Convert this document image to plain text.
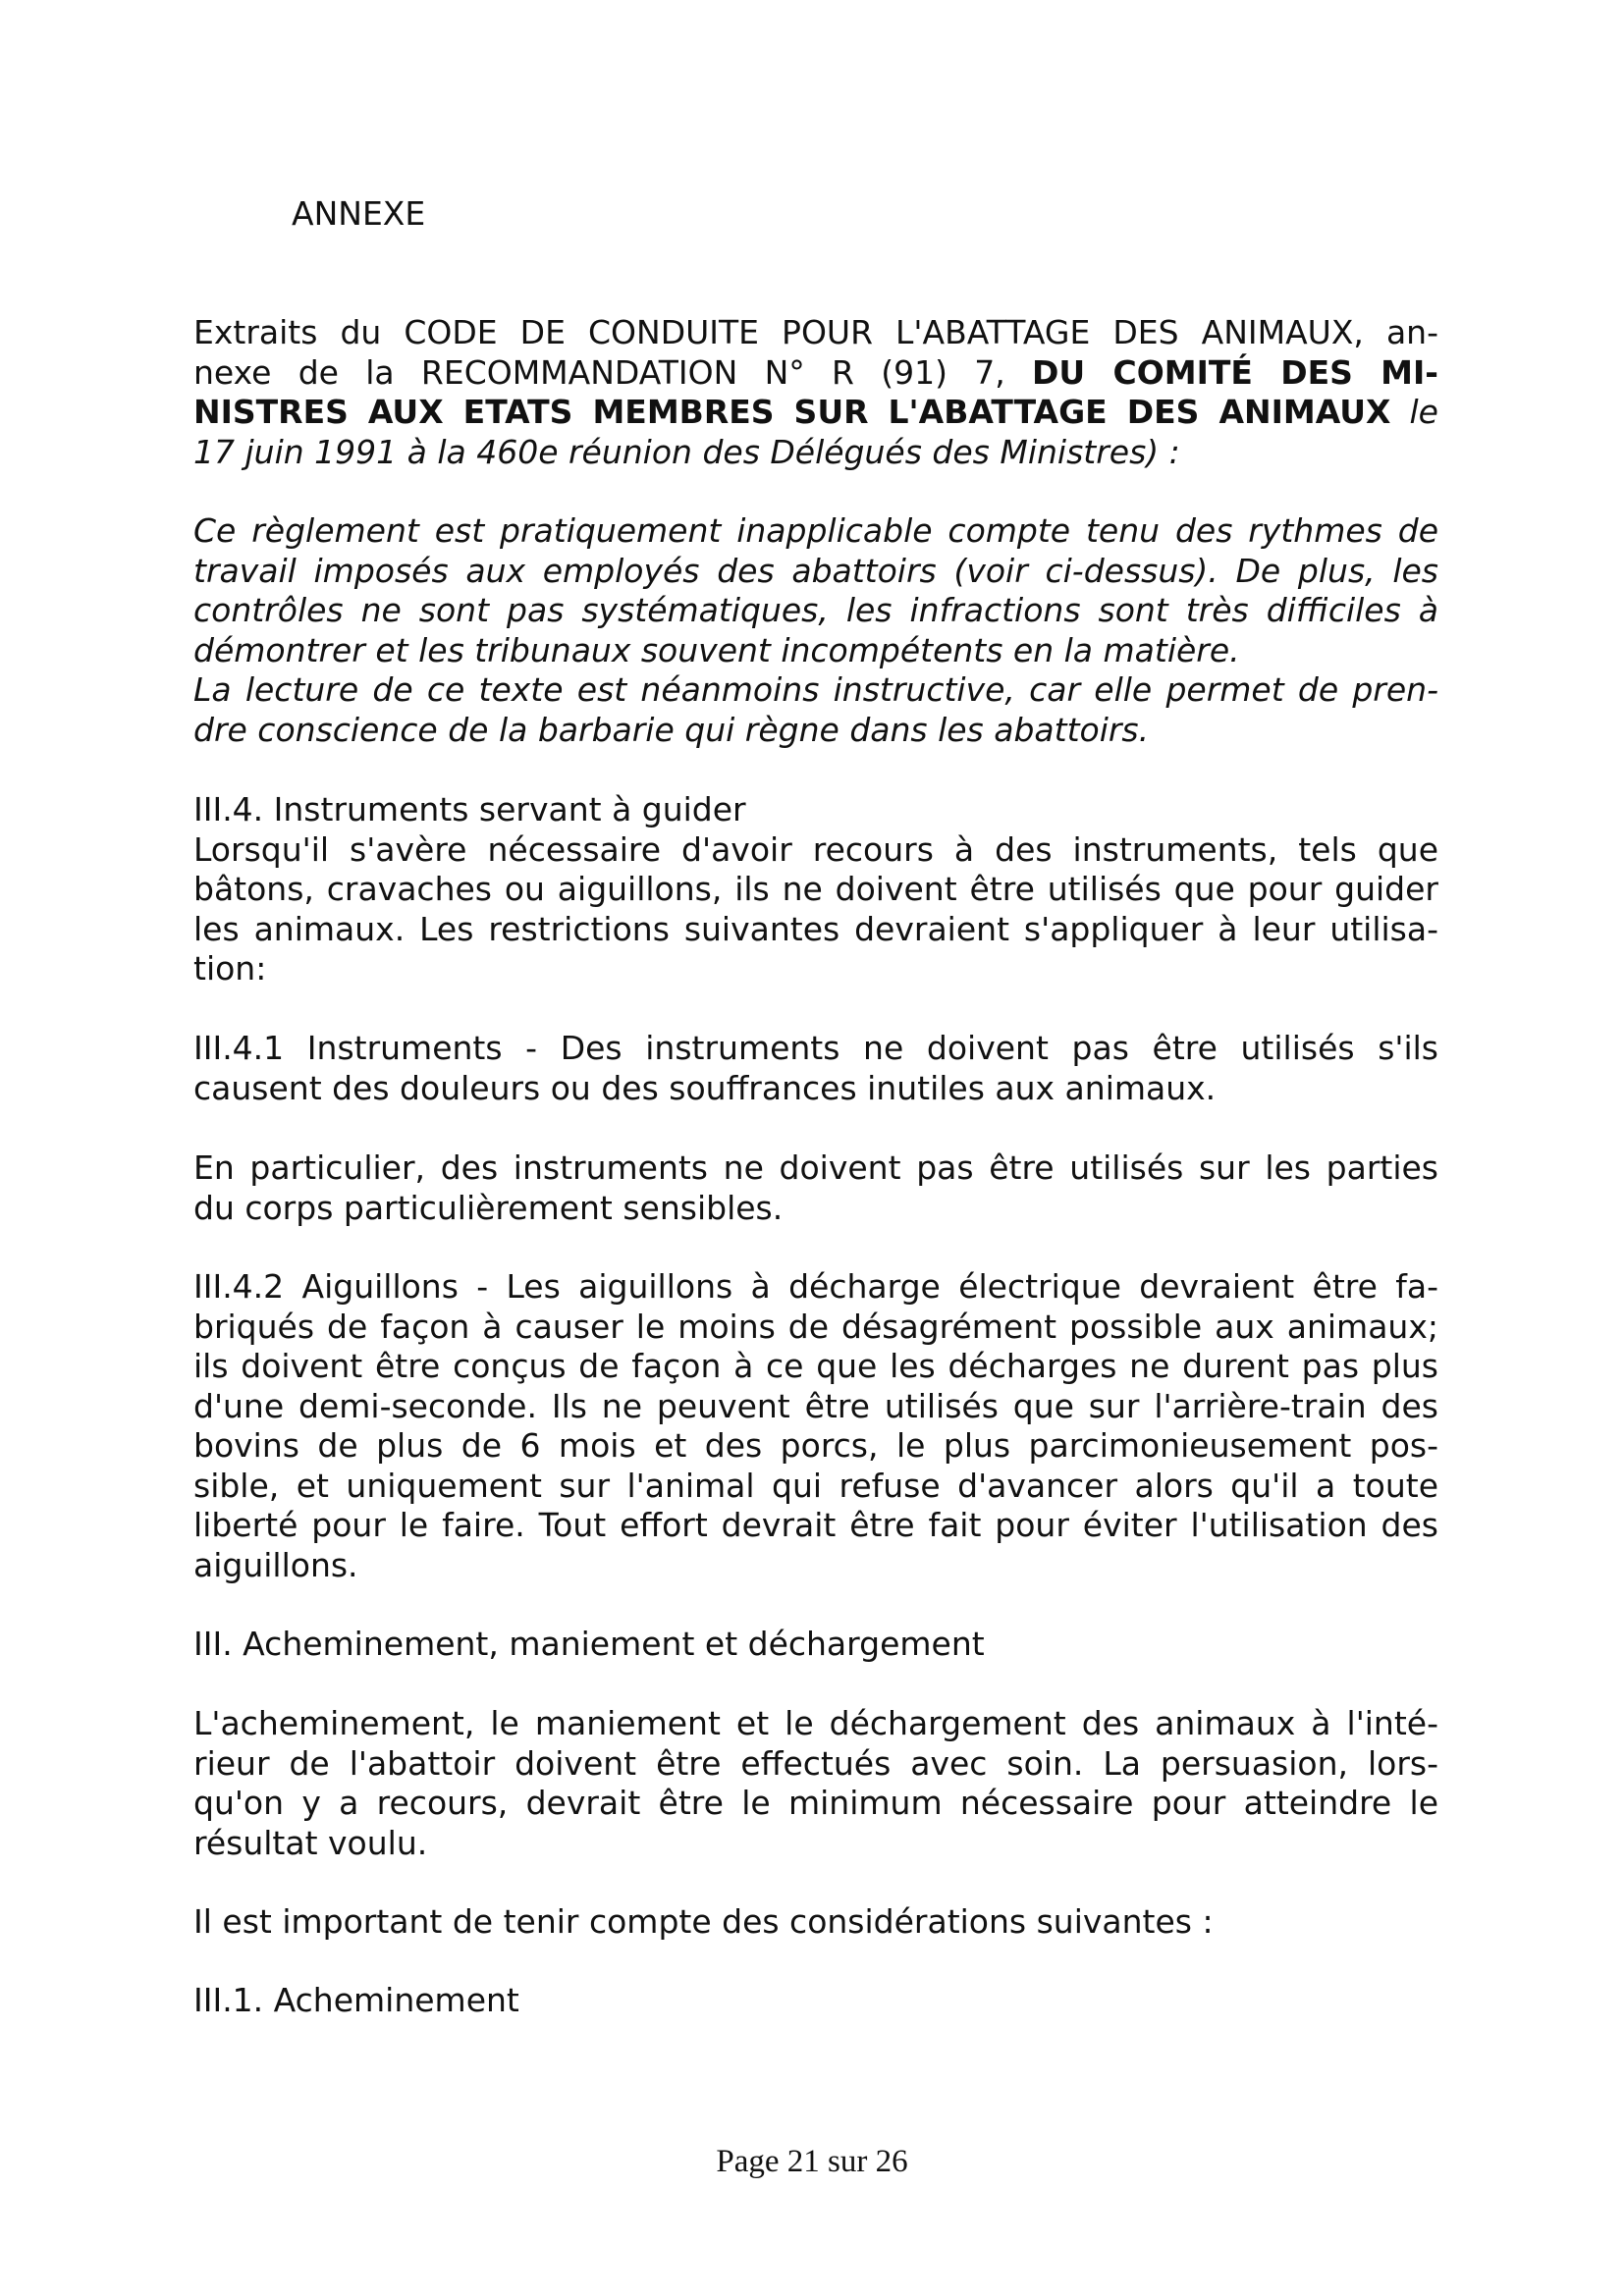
ANNEXE
Extraits du CODE DE CONDUITE POUR L'ABATTAGE DES ANIMAUX, an-
nexe de la RECOMMANDATION N° R (91) 7, DU COMITÉ DES MI-
NISTRES AUX ETATS MEMBRES SUR L'ABATTAGE DES ANIMAUX le
17 juin 1991 à la 460e réunion des Délégués des Ministres) :
Ce règlement est pratiquement inapplicable compte tenu des rythmes de
travail imposés aux employés des abattoirs (voir ci-dessus). De plus, les
contrôles ne sont pas systématiques, les infractions sont très difficiles à
démontrer et les tribunaux souvent incompétents en la matière.
La lecture de ce texte est néanmoins instructive, car elle permet de pren-
dre conscience de la barbarie qui règne dans les abattoirs.
III.4. Instruments servant à guider
Lorsqu'il s'avère nécessaire d'avoir recours à des instruments, tels que
bâtons, cravaches ou aiguillons, ils ne doivent être utilisés que pour guider
les animaux. Les restrictions suivantes devraient s'appliquer à leur utilisa-
tion:
III.4.1 Instruments - Des instruments ne doivent pas être utilisés s'ils
causent des douleurs ou des souffrances inutiles aux animaux.
En particulier, des instruments ne doivent pas être utilisés sur les parties
du corps particulièrement sensibles.
III.4.2 Aiguillons - Les aiguillons à décharge électrique devraient être fa-
briqués de façon à causer le moins de désagrément possible aux animaux;
ils doivent être conçus de façon à ce que les décharges ne durent pas plus
d'une demi-seconde. Ils ne peuvent être utilisés que sur l'arrière-train des
bovins de plus de 6 mois et des porcs, le plus parcimonieusement pos-
sible, et uniquement sur l'animal qui refuse d'avancer alors qu'il a toute
liberté pour le faire. Tout effort devrait être fait pour éviter l'utilisation des
aiguillons.
III. Acheminement, maniement et déchargement
L'acheminement, le maniement et le déchargement des animaux à l'inté-
rieur de l'abattoir doivent être effectués avec soin. La persuasion, lors-
qu'on y a recours, devrait être le minimum nécessaire pour atteindre le
résultat voulu.
Il est important de tenir compte des considérations suivantes :
III.1. Acheminement
Page 21 sur 26
